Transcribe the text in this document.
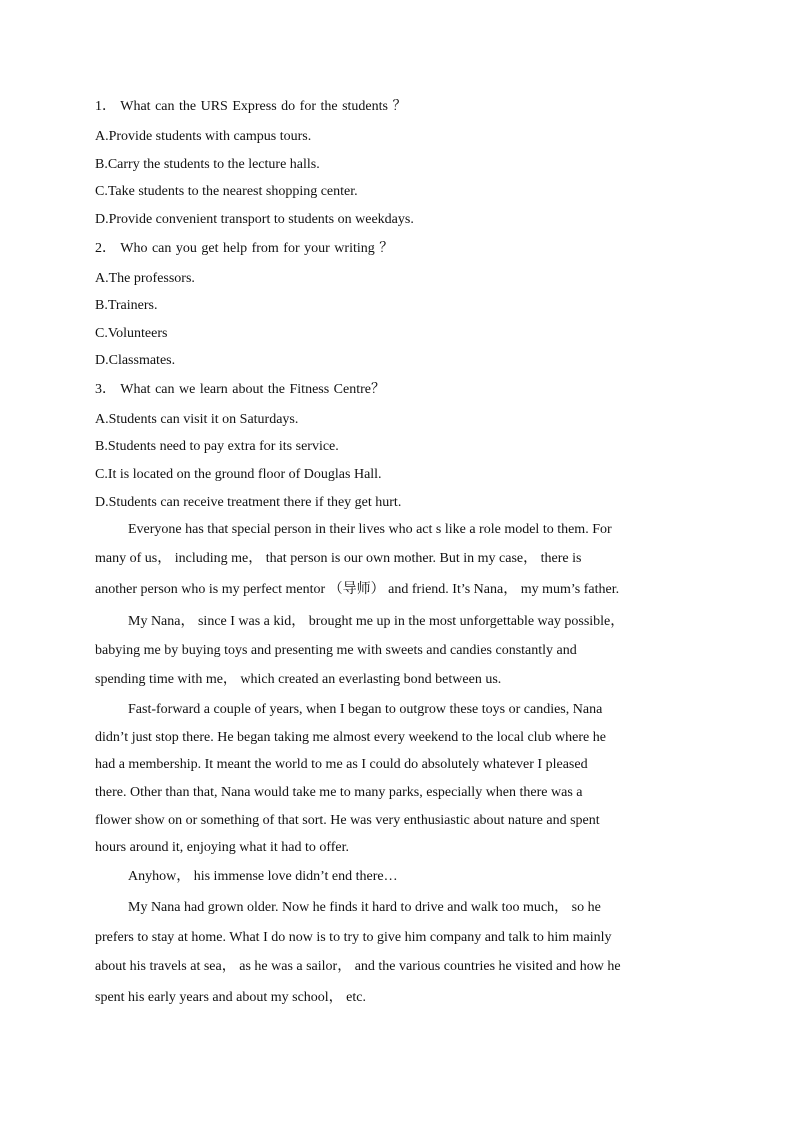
1． What can the URS Express do for the students ？
A.Provide students with campus tours.
B.Carry the students to the lecture halls.
C.Take students to the nearest shopping center.
D.Provide convenient transport to students on weekdays.
2． Who can you get help from for your writing ？
A.The professors.
B.Trainers.
C.Volunteers
D.Classmates.
3． What can we learn about the Fitness Centre？
A.Students can visit it on Saturdays.
B.Students need to pay extra for its service.
C.It is located on the ground floor of Douglas Hall.
D.Students can receive treatment there if they get hurt.
Everyone has that special person in their lives who act s like a role model to them. For
many of us， including me， that person is our own mother. But in my case， there is
another person who is my perfect mentor （导师） and friend. It’s Nana， my mum’s father.
My Nana， since I was a kid， brought me up in the most unforgettable way possible，
babying me by buying toys and presenting me with sweets and candies constantly and
spending time with me， which created an everlasting bond between us.
Fast-forward a couple of years, when I began to outgrow these toys or candies, Nana
didn’t just stop there. He began taking me almost every weekend to the local club where he
had a membership. It meant the world to me as I could do absolutely whatever I pleased
there. Other than that, Nana would take me to many parks, especially when there was a
flower show on or something of that sort. He was very enthusiastic about nature and spent
hours around it, enjoying what it had to offer.
Anyhow， his immense love didn’t end there…
My Nana had grown older. Now he finds it hard to drive and walk too much， so he
prefers to stay at home. What I do now is to try to give him company and talk to him mainly
about his travels at sea， as he was a sailor， and the various countries he visited and how he
spent his early years and about my school， etc.
